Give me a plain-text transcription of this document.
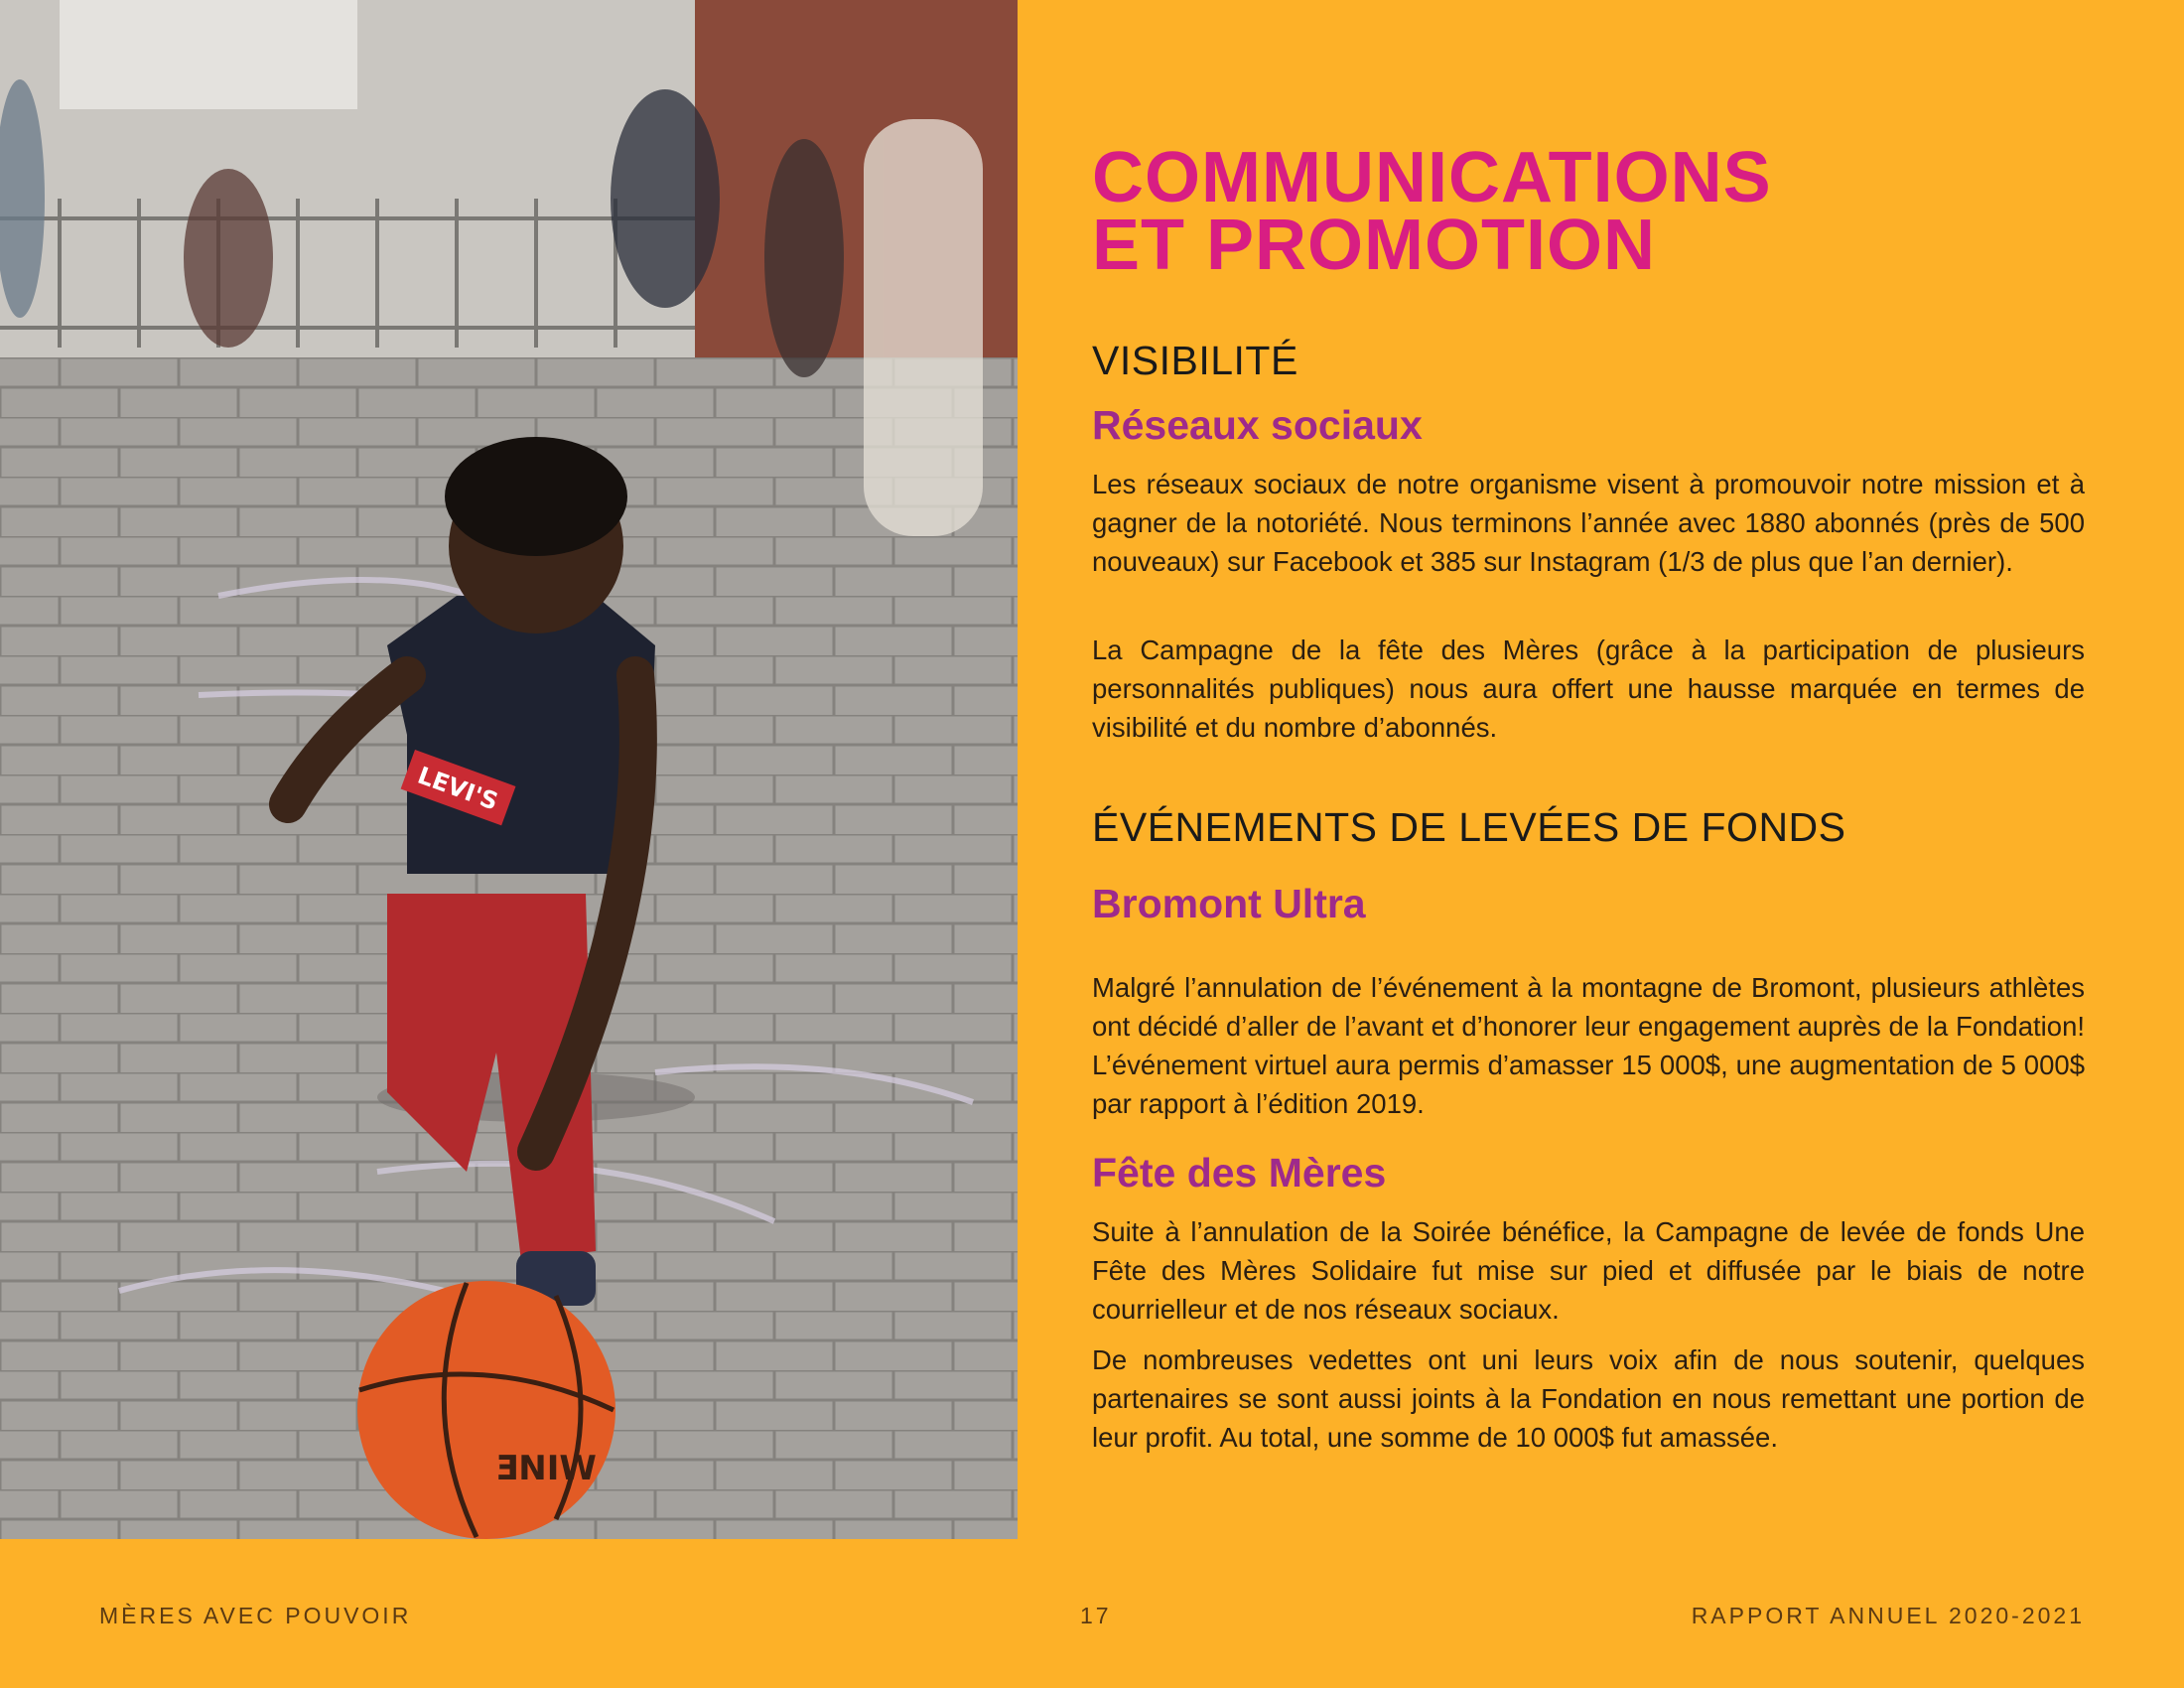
LEVI'S
ƎNIW
COMMUNICATIONS
ET PROMOTION
VISIBILITÉ
Réseaux sociaux

Les réseaux sociaux de notre organisme visent à promouvoir notre mission et à gagner de la notoriété. Nous terminons l’année avec 1880 abonnés (près de 500 nouveaux) sur Facebook et 385 sur Instagram (1/3 de plus que l’an dernier).

La Campagne de la fête des Mères (grâce à la participation de plusieurs personnalités publiques) nous aura offert une hausse marquée en termes de visibilité et du nombre d’abonnés.

ÉVÉNEMENTS DE LEVÉES DE FONDS
Bromont Ultra

Malgré l’annulation de l’événement à la montagne de Bromont, plusieurs athlètes ont décidé d’aller de l’avant et d’honorer leur engagement auprès de la Fondation! L’événement virtuel aura permis d’amasser 15 000$, une augmentation de 5 000$ par rapport à l’édition 2019.

Fête des Mères

Suite à l’annulation de la Soirée bénéfice, la Campagne de levée de fonds Une Fête des Mères Solidaire fut mise sur pied et diffusée par le biais de notre courrielleur et de nos réseaux sociaux.

De nombreuses vedettes ont uni leurs voix afin de nous soutenir, quelques partenaires se sont aussi joints à la Fondation en nous remettant une portion de leur profit. Au total, une somme de 10 000$ fut amassée.

MÈRES AVEC POUVOIR	17	RAPPORT ANNUEL 2020-2021
